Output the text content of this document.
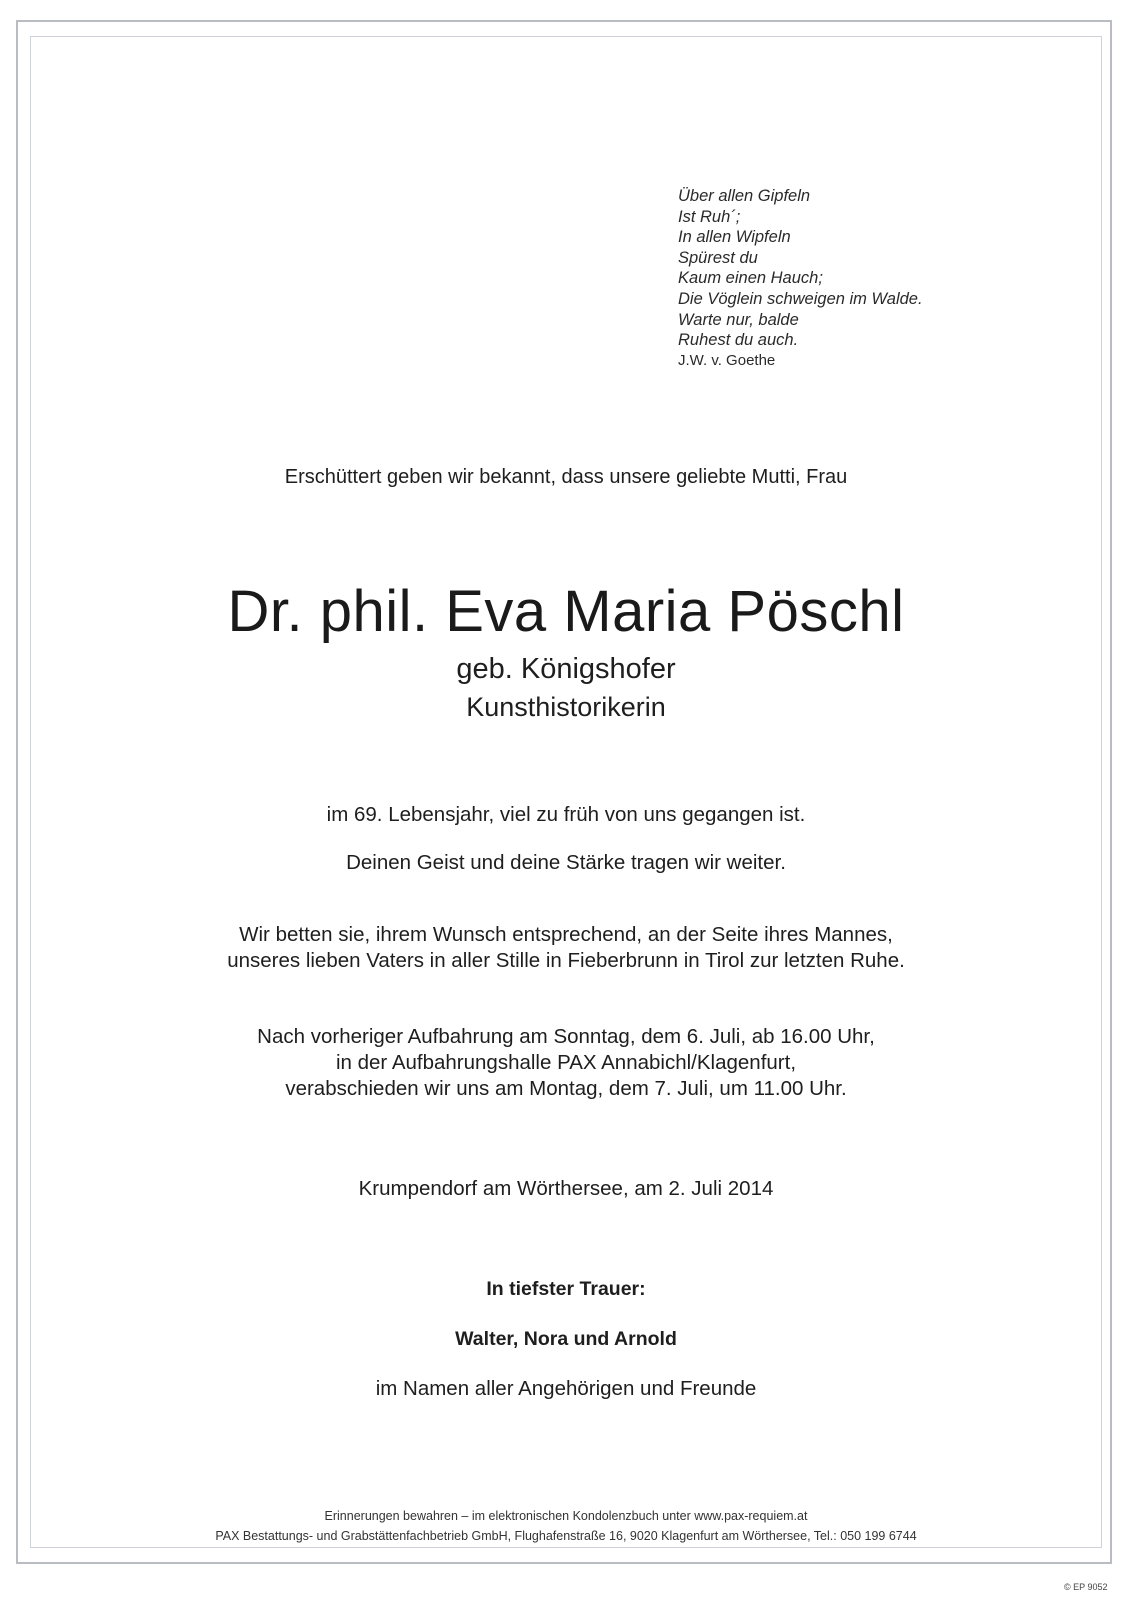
Über allen Gipfeln
Ist Ruh´;
In allen Wipfeln
Spürest du
Kaum einen Hauch;
Die Vöglein schweigen im Walde.
Warte nur, balde
Ruhest du auch.
J.W. v. Goethe
Erschüttert geben wir bekannt, dass unsere geliebte Mutti, Frau
Dr. phil. Eva Maria Pöschl
geb. Königshofer
Kunsthistorikerin
im 69. Lebensjahr, viel zu früh von uns gegangen ist.
Deinen Geist und deine Stärke tragen wir weiter.
Wir betten sie, ihrem Wunsch entsprechend, an der Seite ihres Mannes,
unseres lieben Vaters in aller Stille in Fieberbrunn in Tirol zur letzten Ruhe.
Nach vorheriger Aufbahrung am Sonntag, dem 6. Juli, ab 16.00 Uhr,
in der Aufbahrungshalle PAX Annabichl/Klagenfurt,
verabschieden wir uns am Montag, dem 7. Juli, um 11.00 Uhr.
Krumpendorf am Wörthersee, am 2. Juli 2014
In tiefster Trauer:
Walter, Nora und Arnold
im Namen aller Angehörigen und Freunde
Erinnerungen bewahren – im elektronischen Kondolenzbuch unter www.pax-requiem.at
PAX Bestattungs- und Grabstättenfachbetrieb GmbH, Flughafenstraße 16, 9020 Klagenfurt am Wörthersee, Tel.: 050 199 6744
© EP 9052
